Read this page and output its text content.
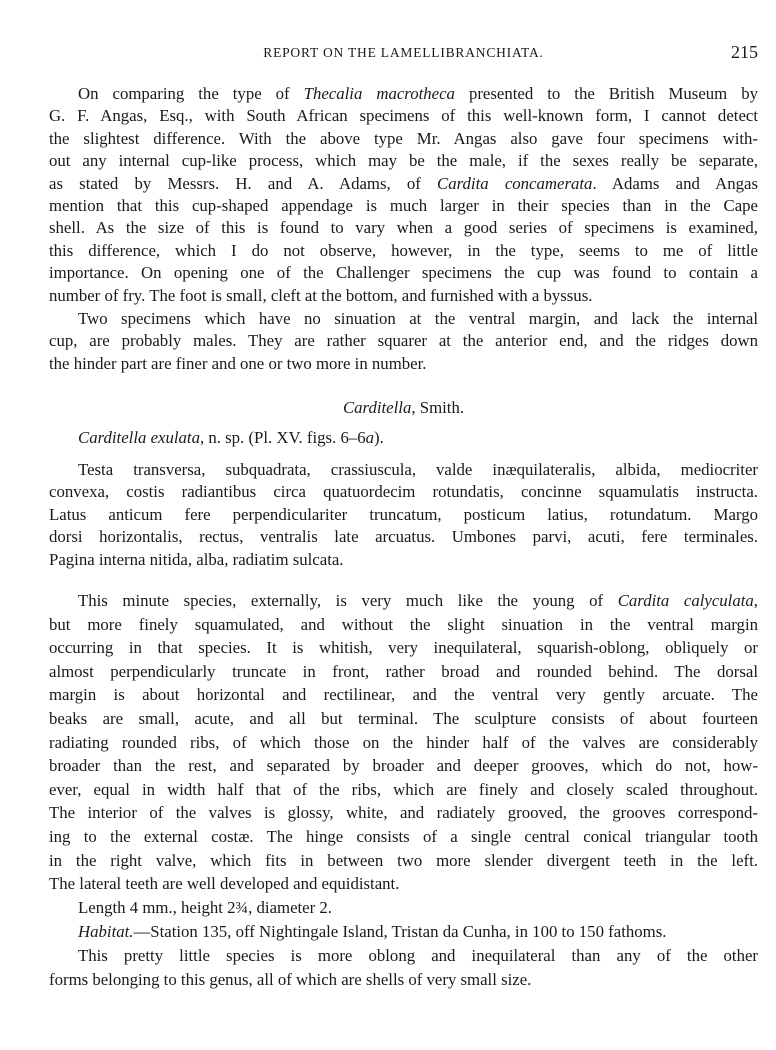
REPORT ON THE LAMELLIBRANCHIATA.	215
On comparing the type of Thecalia macrotheca presented to the British Museum by
G. F. Angas, Esq., with South African specimens of this well-known form, I cannot detect
the slightest difference. With the above type Mr. Angas also gave four specimens with-
out any internal cup-like process, which may be the male, if the sexes really be separate,
as stated by Messrs. H. and A. Adams, of Cardita concamerata. Adams and Angas
mention that this cup-shaped appendage is much larger in their species than in the Cape
shell. As the size of this is found to vary when a good series of specimens is examined,
this difference, which I do not observe, however, in the type, seems to me of little
importance. On opening one of the Challenger specimens the cup was found to contain a
number of fry. The foot is small, cleft at the bottom, and furnished with a byssus.
Two specimens which have no sinuation at the ventral margin, and lack the internal
cup, are probably males. They are rather squarer at the anterior end, and the ridges down
the hinder part are finer and one or two more in number.
Carditella, Smith.
Carditella exulata, n. sp. (Pl. XV. figs. 6–6a).
Testa transversa, subquadrata, crassiuscula, valde inæquilateralis, albida, mediocriter
convexa, costis radiantibus circa quatuordecim rotundatis, concinne squamulatis instructa.
Latus anticum fere perpendiculariter truncatum, posticum latius, rotundatum. Margo
dorsi horizontalis, rectus, ventralis late arcuatus. Umbones parvi, acuti, fere terminales.
Pagina interna nitida, alba, radiatim sulcata.
This minute species, externally, is very much like the young of Cardita calyculata,
but more finely squamulated, and without the slight sinuation in the ventral margin
occurring in that species. It is whitish, very inequilateral, squarish-oblong, obliquely or
almost perpendicularly truncate in front, rather broad and rounded behind. The dorsal
margin is about horizontal and rectilinear, and the ventral very gently arcuate. The
beaks are small, acute, and all but terminal. The sculpture consists of about fourteen
radiating rounded ribs, of which those on the hinder half of the valves are considerably
broader than the rest, and separated by broader and deeper grooves, which do not, how-
ever, equal in width half that of the ribs, which are finely and closely scaled throughout.
The interior of the valves is glossy, white, and radiately grooved, the grooves correspond-
ing to the external costæ. The hinge consists of a single central conical triangular tooth
in the right valve, which fits in between two more slender divergent teeth in the left.
The lateral teeth are well developed and equidistant.
Length 4 mm., height 2¾, diameter 2.
Habitat.—Station 135, off Nightingale Island, Tristan da Cunha, in 100 to 150 fathoms.
This pretty little species is more oblong and inequilateral than any of the other
forms belonging to this genus, all of which are shells of very small size.
